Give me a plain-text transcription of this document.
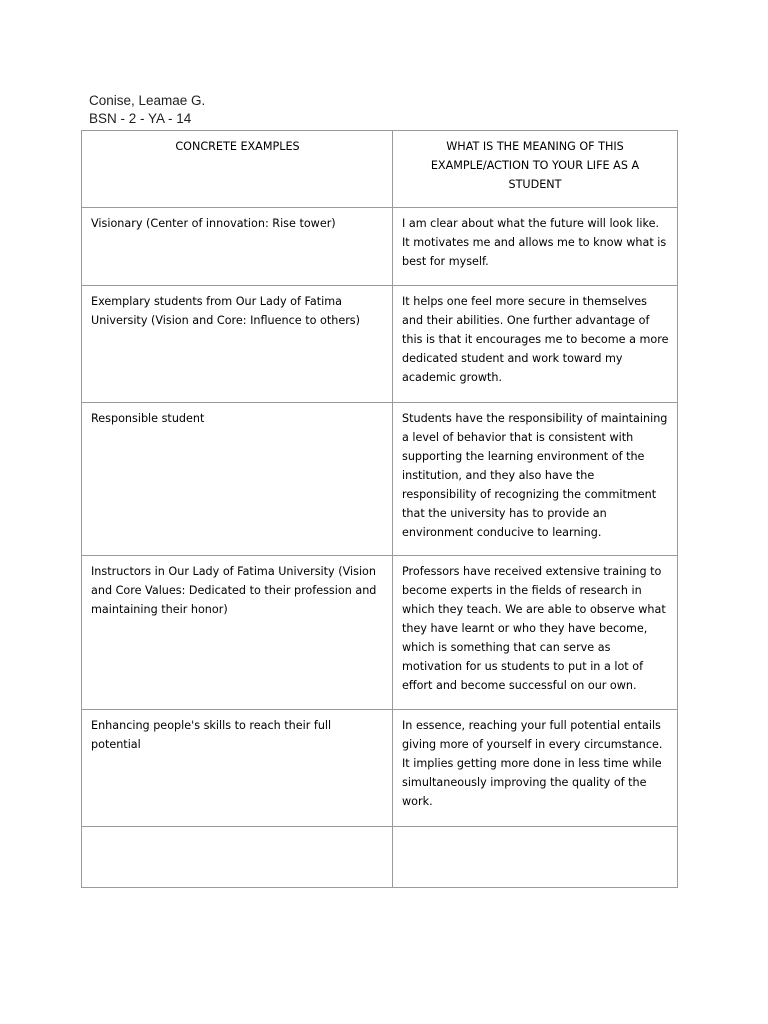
Conise, Leamae G.
BSN - 2 - YA - 14
CONCRETE EXAMPLES	WHAT IS THE MEANING OF THIS EXAMPLE/ACTION TO YOUR LIFE AS A STUDENT

Visionary (Center of innovation: Rise tower)	I am clear about what the future will look like. It motivates me and allows me to know what is best for myself.

Exemplary students from Our Lady of Fatima University (Vision and Core: Influence to others)	It helps one feel more secure in themselves and their abilities. One further advantage of this is that it encourages me to become a more dedicated student and work toward my academic growth.

Responsible student	Students have the responsibility of maintaining a level of behavior that is consistent with supporting the learning environment of the institution, and they also have the responsibility of recognizing the commitment that the university has to provide an environment conducive to learning.

Instructors in Our Lady of Fatima University (Vision and Core Values: Dedicated to their profession and maintaining their honor)	Professors have received extensive training to become experts in the fields of research in which they teach. We are able to observe what they have learnt or who they have become, which is something that can serve as motivation for us students to put in a lot of effort and become successful on our own.

Enhancing people's skills to reach their full potential	In essence, reaching your full potential entails giving more of yourself in every circumstance. It implies getting more done in less time while simultaneously improving the quality of the work.
